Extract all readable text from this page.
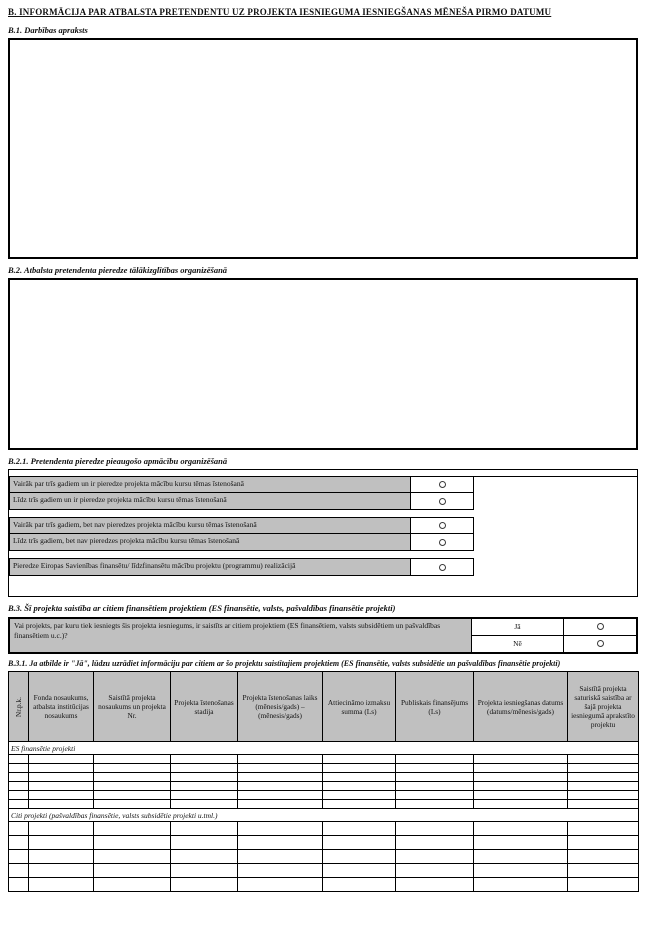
B. INFORMĀCIJA PAR ATBALSTA PRETENDENTU UZ PROJEKTA IESNIEGUMA IESNIEGŠANAS MĒNEŠA PIRMO DATUMU
B.1. Darbības apraksts
B.2. Atbalsta pretendenta pieredze tālākizglītības organizēšanā
B.2.1. Pretendenta pieredze pieaugošo apmācību organizēšanā
Vairāk par trīs gadiem un ir pieredze projekta mācību kursu tēmas īstenošanā
Līdz trīs gadiem un ir pieredze projekta mācību kursu tēmas īstenošanā
Vairāk par trīs gadiem, bet nav pieredzes projekta mācību kursu tēmas īstenošanā
Līdz trīs gadiem, bet nav pieredzes projekta mācību kursu tēmas īstenošanā
Pieredze Eiropas Savienības finansētu/ līdzfinansētu mācību projektu (programmu) realizācijā
B.3. Šī projekta saistība ar citiem finansētiem projektiem (ES finansētie, valsts, pašvaldības finansētie projekti)
Vai projekts, par kuru tiek iesniegts šis projekta iesniegums, ir saistīts ar citiem projektiem (ES finansētiem, valsts subsidētiem un pašvaldības finansētiem u.c.)?
Jā
Nē
B.3.1. Ja atbilde ir "Jā", lūdzu uzrādiet informāciju par citiem ar šo projektu saistītajiem projektiem (ES finansētie, valsts subsidētie un pašvaldības finansētie projekti)
Nr.p.k.	Fonda nosaukums, atbalsta institūcijas nosaukums	Saistītā projekta nosaukums un projekta Nr.	Projekta īstenošanas stadija	Projekta īstenošanas laiks (mēnesis/gads) – (mēnesis/gads)	Attiecināmo izmaksu summa (Ls)	Publiskais finansējums (Ls)	Projekta iesniegšanas datums (datums/mēnesis/gads)	Saistītā projekta saturiskā saistība ar šajā projekta iesniegumā aprakstīto projektu
ES finansētie projekti								

Citi projekti (pašvaldības finansētie, valsts subsidētie projekti u.tml.)								
